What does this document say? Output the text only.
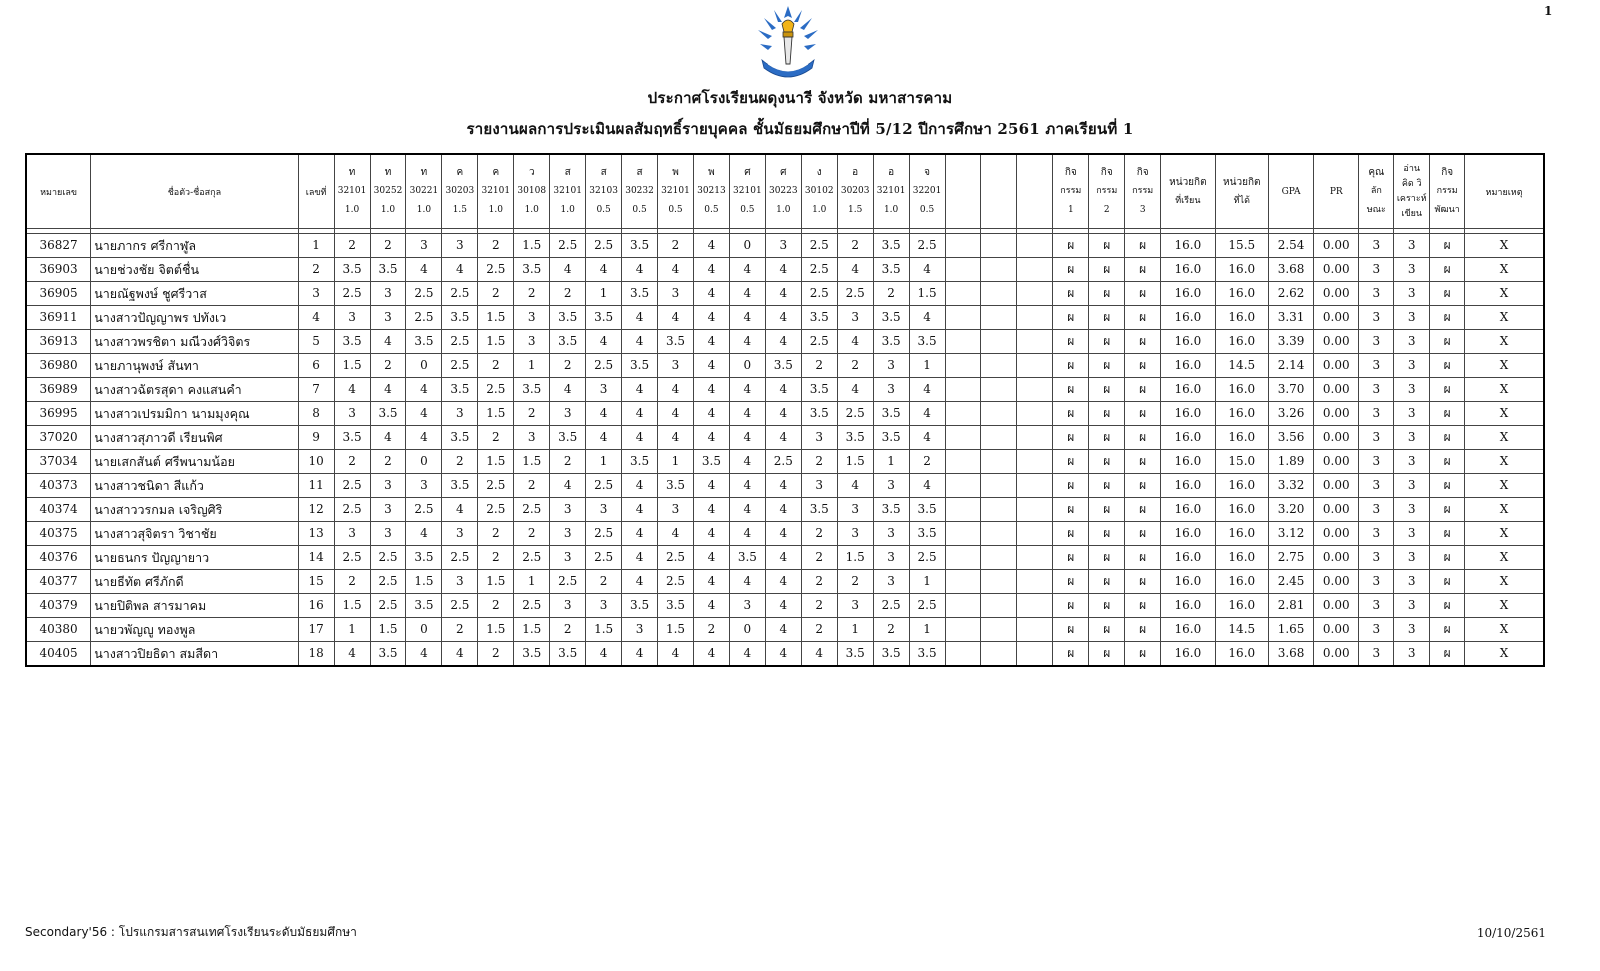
1
ประกาศโรงเรียนผดุงนารี จังหวัด มหาสารคาม
รายงานผลการประเมินผลสัมฤทธิ์รายบุคคล ชั้นมัธยมศึกษาปีที่ 5/12 ปีการศึกษา 2561 ภาคเรียนที่ 1
หมายเลข	ชื่อตัว-ชื่อสกุล	เลขที่	ท
32101
1.0	ท
30252
1.0	ท
30221
1.0	ค
30203
1.5	ค
32101
1.0	ว
30108
1.0	ส
32101
1.0	ส
32103
0.5	ส
30232
0.5	พ
32101
0.5	พ
30213
0.5	ศ
32101
0.5	ศ
30223
1.0	ง
30102
1.0	อ
30203
1.5	อ
32101
1.0	จ
32201
0.5				กิจ
กรรม
1	กิจ
กรรม
2	กิจ
กรรม
3	หน่วยกิต
ที่เรียน	หน่วยกิต
ที่ได้	GPA	PR	คุณ
ลัก
ษณะ	อ่าน
คิด วิ
เคราะห์
เขียน	กิจ
กรรม
พัฒนา	หมายเหตุ

36827	นายภากร ศรีกาฬูล	1	2	2	3	3	2	1.5	2.5	2.5	3.5	2	4	0	3	2.5	2	3.5	2.5				ผ	ผ	ผ	16.0	15.5	2.54	0.00	3	3	ผ	X
36903	นายช่วงชัย จิตต์ชื่น	2	3.5	3.5	4	4	2.5	3.5	4	4	4	4	4	4	4	2.5	4	3.5	4				ผ	ผ	ผ	16.0	16.0	3.68	0.00	3	3	ผ	X
36905	นายณัฐพงษ์ ชูศรีวาส	3	2.5	3	2.5	2.5	2	2	2	1	3.5	3	4	4	4	2.5	2.5	2	1.5				ผ	ผ	ผ	16.0	16.0	2.62	0.00	3	3	ผ	X
36911	นางสาวปัญญาพร ปทังเว	4	3	3	2.5	3.5	1.5	3	3.5	3.5	4	4	4	4	4	3.5	3	3.5	4				ผ	ผ	ผ	16.0	16.0	3.31	0.00	3	3	ผ	X
36913	นางสาวพรชิตา มณีวงศ์วิจิตร	5	3.5	4	3.5	2.5	1.5	3	3.5	4	4	3.5	4	4	4	2.5	4	3.5	3.5				ผ	ผ	ผ	16.0	16.0	3.39	0.00	3	3	ผ	X
36980	นายภานุพงษ์ สันทา	6	1.5	2	0	2.5	2	1	2	2.5	3.5	3	4	0	3.5	2	2	3	1				ผ	ผ	ผ	16.0	14.5	2.14	0.00	3	3	ผ	X
36989	นางสาวฉัตรสุดา คงแสนคำ	7	4	4	4	3.5	2.5	3.5	4	3	4	4	4	4	4	3.5	4	3	4				ผ	ผ	ผ	16.0	16.0	3.70	0.00	3	3	ผ	X
36995	นางสาวเปรมมิกา นามมุงคุณ	8	3	3.5	4	3	1.5	2	3	4	4	4	4	4	4	3.5	2.5	3.5	4				ผ	ผ	ผ	16.0	16.0	3.26	0.00	3	3	ผ	X
37020	นางสาวสุภาวดี เรียนพิศ	9	3.5	4	4	3.5	2	3	3.5	4	4	4	4	4	4	3	3.5	3.5	4				ผ	ผ	ผ	16.0	16.0	3.56	0.00	3	3	ผ	X
37034	นายเสกสันต์ ศรีพนามน้อย	10	2	2	0	2	1.5	1.5	2	1	3.5	1	3.5	4	2.5	2	1.5	1	2				ผ	ผ	ผ	16.0	15.0	1.89	0.00	3	3	ผ	X
40373	นางสาวชนิดา สีแก้ว	11	2.5	3	3	3.5	2.5	2	4	2.5	4	3.5	4	4	4	3	4	3	4				ผ	ผ	ผ	16.0	16.0	3.32	0.00	3	3	ผ	X
40374	นางสาววรกมล เจริญศิริ	12	2.5	3	2.5	4	2.5	2.5	3	3	4	3	4	4	4	3.5	3	3.5	3.5				ผ	ผ	ผ	16.0	16.0	3.20	0.00	3	3	ผ	X
40375	นางสาวสุจิตรา วิชาชัย	13	3	3	4	3	2	2	3	2.5	4	4	4	4	4	2	3	3	3.5				ผ	ผ	ผ	16.0	16.0	3.12	0.00	3	3	ผ	X
40376	นายธนกร ปัญญายาว	14	2.5	2.5	3.5	2.5	2	2.5	3	2.5	4	2.5	4	3.5	4	2	1.5	3	2.5				ผ	ผ	ผ	16.0	16.0	2.75	0.00	3	3	ผ	X
40377	นายธีทัต ศรีภักดี	15	2	2.5	1.5	3	1.5	1	2.5	2	4	2.5	4	4	4	2	2	3	1				ผ	ผ	ผ	16.0	16.0	2.45	0.00	3	3	ผ	X
40379	นายปิติพล สารมาคม	16	1.5	2.5	3.5	2.5	2	2.5	3	3	3.5	3.5	4	3	4	2	3	2.5	2.5				ผ	ผ	ผ	16.0	16.0	2.81	0.00	3	3	ผ	X
40380	นายวพัญญู ทองพูล	17	1	1.5	0	2	1.5	1.5	2	1.5	3	1.5	2	0	4	2	1	2	1				ผ	ผ	ผ	16.0	14.5	1.65	0.00	3	3	ผ	X
40405	นางสาวปิยธิดา สมสีดา	18	4	3.5	4	4	2	3.5	3.5	4	4	4	4	4	4	4	3.5	3.5	3.5				ผ	ผ	ผ	16.0	16.0	3.68	0.00	3	3	ผ	X
Secondary'56 : โปรแกรมสารสนเทศโรงเรียนระดับมัธยมศึกษา	10/10/2561
